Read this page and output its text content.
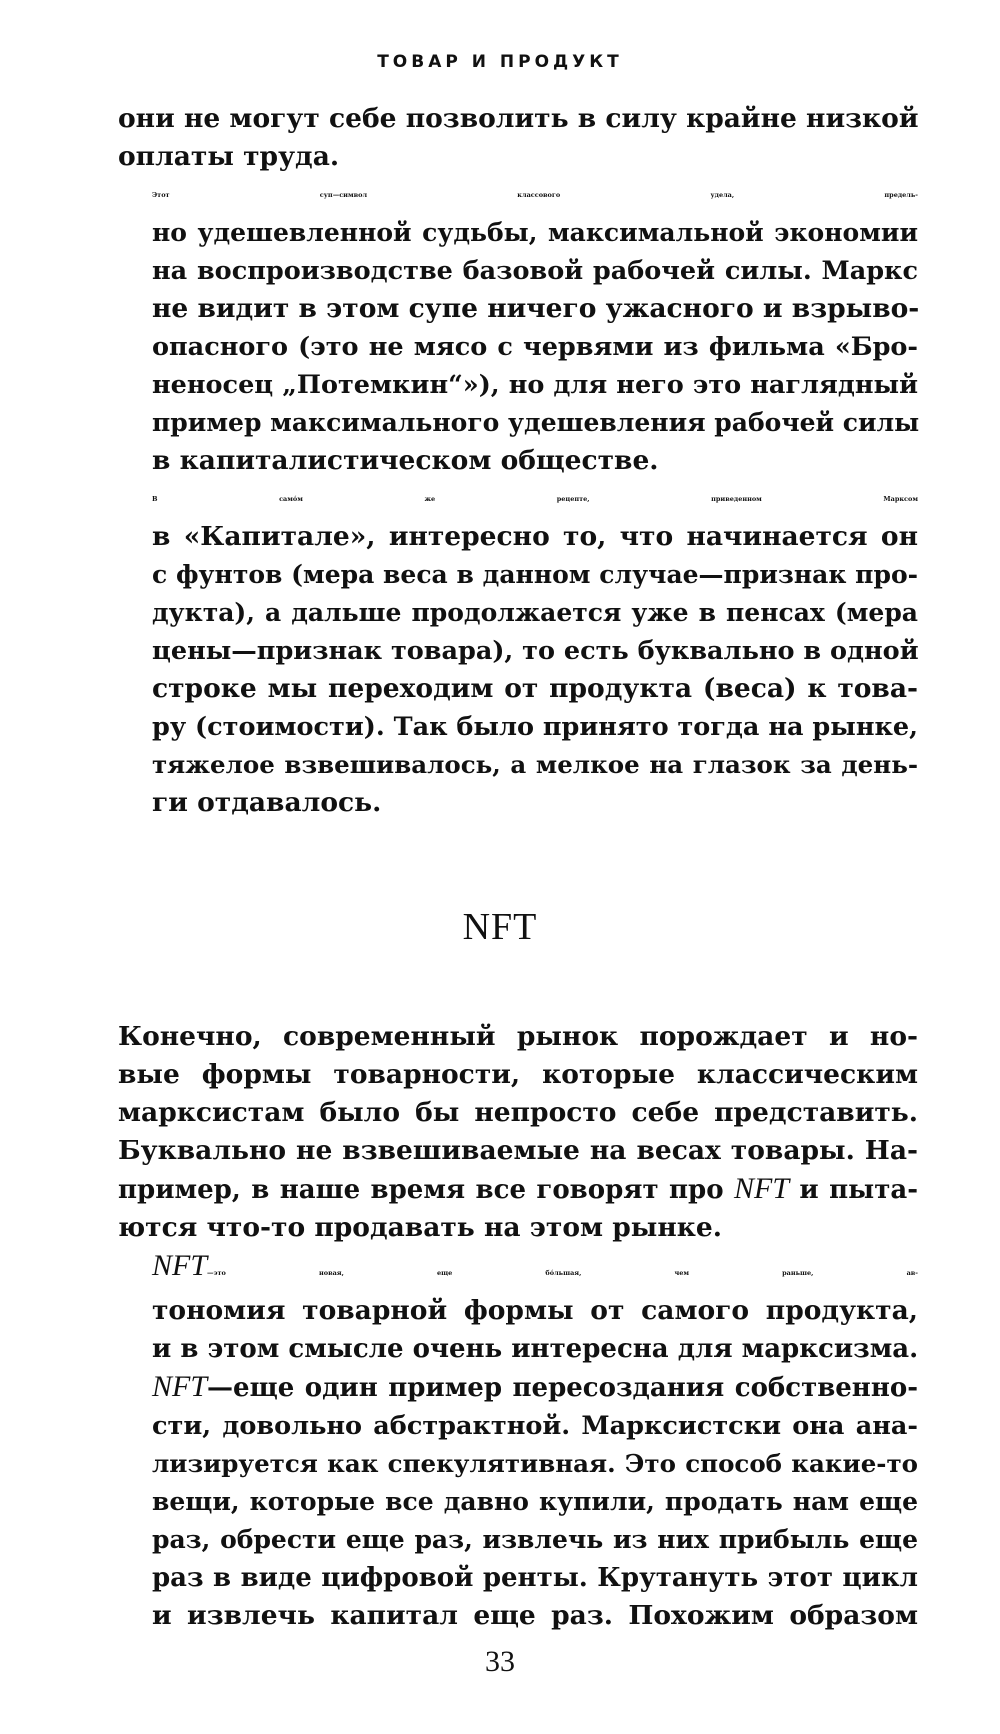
ТОВАР И ПРОДУКТ

они не могут себе позволить в силу крайне низкой
оплаты труда.

Этот суп—символ классового удела, предель-
но удешевленной судьбы, максимальной экономии
на воспроизводстве базовой рабочей силы. Маркс
не видит в этом супе ничего ужасного и взрыво-
опасного (это не мясо с червями из фильма «Бро-
неносец „Потемкин“»), но для него это наглядный
пример максимального удешевления рабочей силы
в капиталистическом обществе.

В самóм же рецепте, приведенном Марксом
в «Капитале», интересно то, что начинается он
с фунтов (мера веса в данном случае—признак про-
дукта), а дальше продолжается уже в пенсах (мера
цены—признак товара), то есть буквально в одной
строке мы переходим от продукта (веса) к това-
ру (стоимости). Так было принято тогда на рынке,
тяжелое взвешивалось, а мелкое на глазок за день-
ги отдавалось.

NFT

Конечно, современный рынок порождает и но-
вые формы товарности, которые классическим
марксистам было бы непросто себе представить.
Буквально не взвешиваемые на весах товары. На-
пример, в наше время все говорят про NFT и пыта-
ются что-то продавать на этом рынке.

NFT—это новая, еще бóльшая, чем раньше, ав-
тономия товарной формы от самого продукта,
и в этом смысле очень интересна для марксизма.
NFT—еще один пример пересоздания собственно-
сти, довольно абстрактной. Марксистски она ана-
лизируется как спекулятивная. Это способ какие-то
вещи, которые все давно купили, продать нам еще
раз, обрести еще раз, извлечь из них прибыль еще
раз в виде цифровой ренты. Крутануть этот цикл
и извлечь капитал еще раз. Похожим образом

33
